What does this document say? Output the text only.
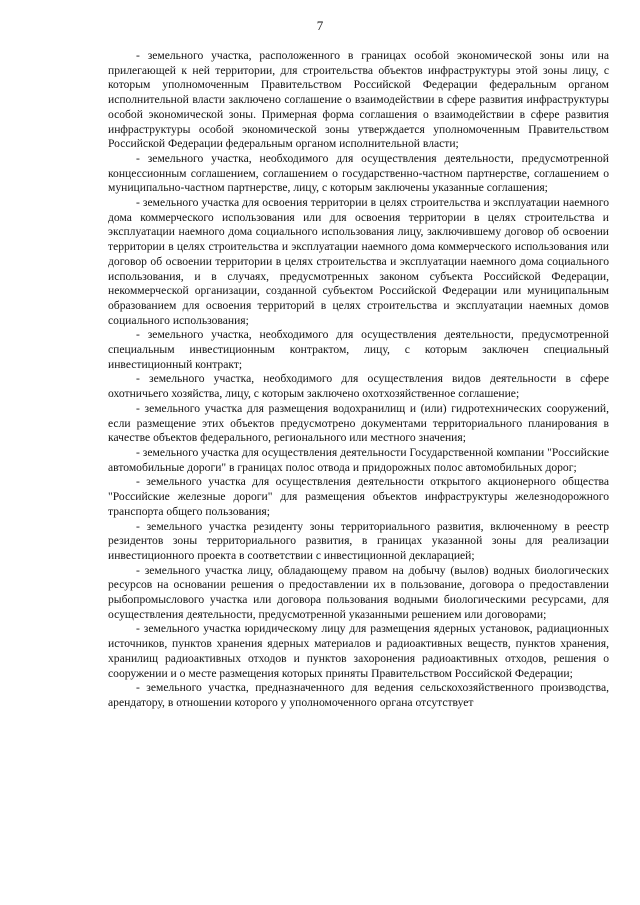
7

- земельного участка, расположенного в границах особой экономической зоны или на прилегающей к ней территории, для строительства объектов инфраструктуры этой зоны лицу, с которым уполномоченным Правительством Российской Федерации федеральным органом исполнительной власти заключено соглашение о взаимодействии в сфере развития инфраструктуры особой экономической зоны. Примерная форма соглашения о взаимодействии в сфере развития инфраструктуры особой экономической зоны утверждается уполномоченным Правительством Российской Федерации федеральным органом исполнительной власти;

- земельного участка, необходимого для осуществления деятельности, предусмотренной концессионным соглашением, соглашением о государственно-частном партнерстве, соглашением о муниципально-частном партнерстве, лицу, с которым заключены указанные соглашения;

- земельного участка для освоения территории в целях строительства и эксплуатации наемного дома коммерческого использования или для освоения территории в целях строительства и эксплуатации наемного дома социального использования лицу, заключившему договор об освоении территории в целях строительства и эксплуатации наемного дома коммерческого использования или договор об освоении территории в целях строительства и эксплуатации наемного дома социального использования, и в случаях, предусмотренных законом субъекта Российской Федерации, некоммерческой организации, созданной субъектом Российской Федерации или муниципальным образованием для освоения территорий в целях строительства и эксплуатации наемных домов социального использования;

- земельного участка, необходимого для осуществления деятельности, предусмотренной специальным инвестиционным контрактом, лицу, с которым заключен специальный инвестиционный контракт;

- земельного участка, необходимого для осуществления видов деятельности в сфере охотничьего хозяйства, лицу, с которым заключено охотхозяйственное соглашение;

- земельного участка для размещения водохранилищ и (или) гидротехнических сооружений, если размещение этих объектов предусмотрено документами территориального планирования в качестве объектов федерального, регионального или местного значения;

- земельного участка для осуществления деятельности Государственной компании "Российские автомобильные дороги" в границах полос отвода и придорожных полос автомобильных дорог;

- земельного участка для осуществления деятельности открытого акционерного общества "Российские железные дороги" для размещения объектов инфраструктуры железнодорожного транспорта общего пользования;

- земельного участка резиденту зоны территориального развития, включенному в реестр резидентов зоны территориального развития, в границах указанной зоны для реализации инвестиционного проекта в соответствии с инвестиционной декларацией;

- земельного участка лицу, обладающему правом на добычу (вылов) водных биологических ресурсов на основании решения о предоставлении их в пользование, договора о предоставлении рыбопромыслового участка или договора пользования водными биологическими ресурсами, для осуществления деятельности, предусмотренной указанными решением или договорами;

- земельного участка юридическому лицу для размещения ядерных установок, радиационных источников, пунктов хранения ядерных материалов и радиоактивных веществ, пунктов хранения, хранилищ радиоактивных отходов и пунктов захоронения радиоактивных отходов, решения о сооружении и о месте размещения которых приняты Правительством Российской Федерации;

- земельного участка, предназначенного для ведения сельскохозяйственного производства, арендатору, в отношении которого у уполномоченного органа отсутствует
